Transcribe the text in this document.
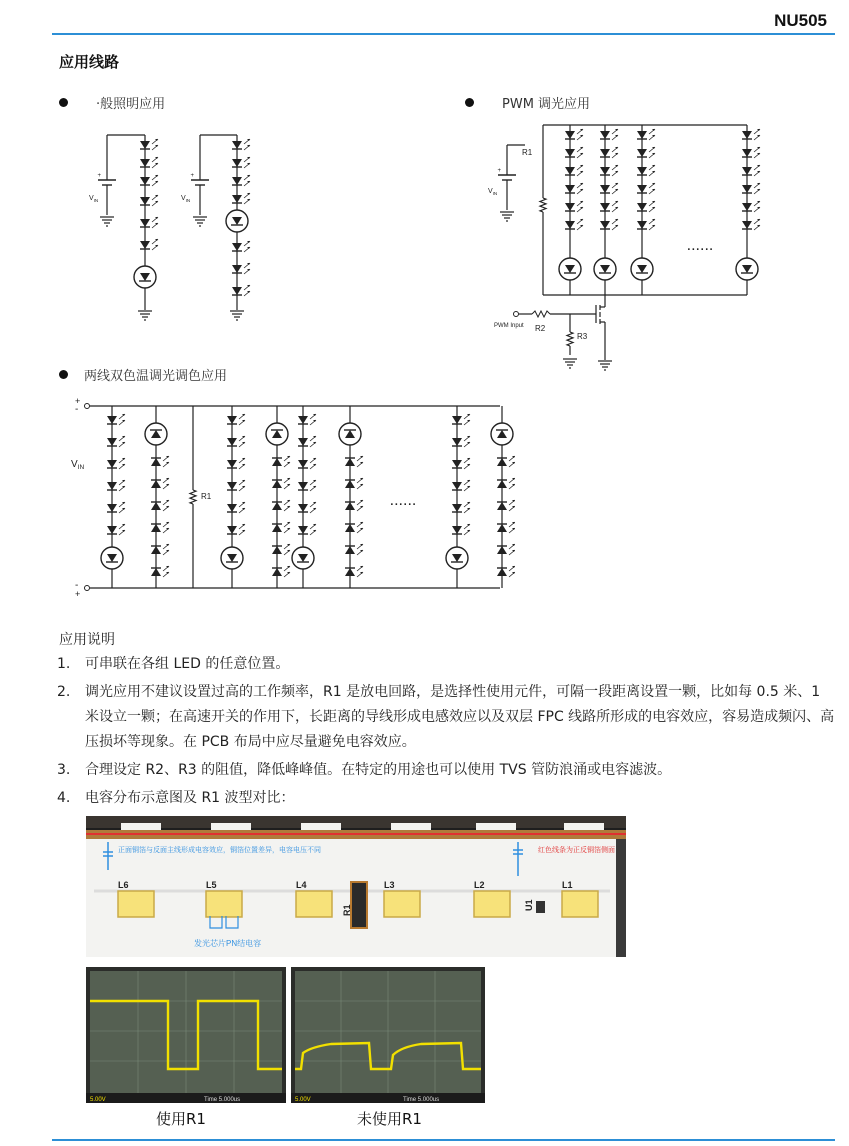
NU505
应用线路
·般照明应用	PWM 调光应用
两线双色温调光调色应用
+
$V_{IN}$
+
$V_{IN}$
R1
+
$V_{IN}$
......
PWM Input R2
R3
+
-
-
+
$V_{IN}$
R1	......
应用说明
1.	可串联在各组 LED 的任意位置。
2.	调光应用不建议设置过高的工作频率，R1 是放电回路，是选择性使用元件，可隔一段距离设置一颗，比如每 0.5 米、1 米设立一颗；在高速开关的作用下，长距离的导线形成电感效应以及双层 FPC 线路所形成的电容效应，容易造成频闪、高压损坏等现象。在 PCB 布局中应尽量避免电容效应。
3.	合理设定 R2、R3 的阻值，降低峰峰值。在特定的用途也可以使用 TVS 管防浪涌或电容滤波。
4.	电容分布示意图及 R1 波型对比：
正面铜箔与反面主线形成电容效应，铜箔位置差异，电容电压不同	红色线条为正反铜箔侧面
发光芯片PN结电容
L6	L5	L4	L3	L2	L1
R1	U1
5.00V	Time 5.000us	5.00V	Time 5.000us
使用R1	未使用R1
